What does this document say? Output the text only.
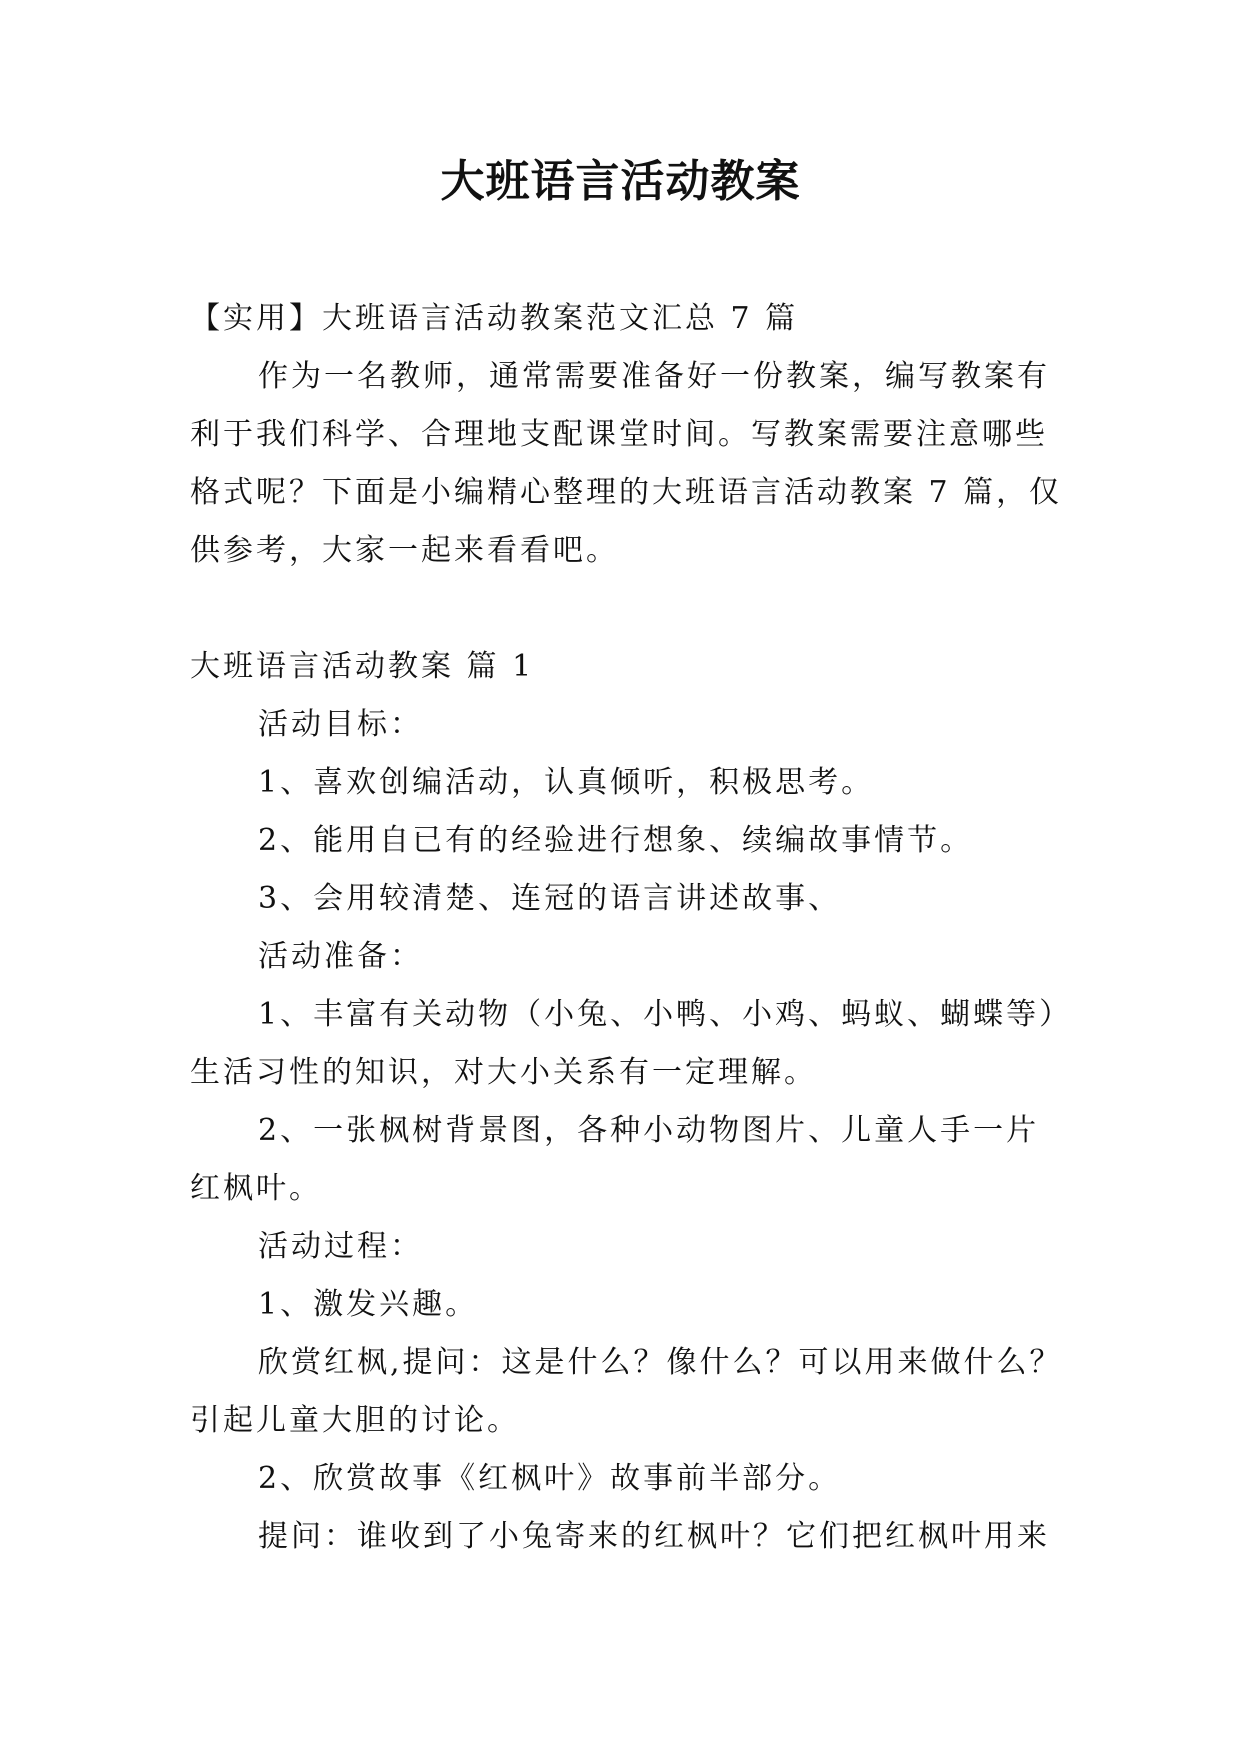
大班语言活动教案
【实用】大班语言活动教案范文汇总 7 篇
作为一名教师，通常需要准备好一份教案，编写教案有
利于我们科学、合理地支配课堂时间。写教案需要注意哪些
格式呢？下面是小编精心整理的大班语言活动教案 7 篇，仅
供参考，大家一起来看看吧。
大班语言活动教案 篇 1
活动目标：
1、喜欢创编活动，认真倾听，积极思考。
2、能用自已有的经验进行想象、续编故事情节。
3、会用较清楚、连冠的语言讲述故事、
活动准备：
1、丰富有关动物（小兔、小鸭、小鸡、蚂蚁、蝴蝶等）
生活习性的知识，对大小关系有一定理解。
2、一张枫树背景图，各种小动物图片、儿童人手一片
红枫叶。
活动过程：
1、激发兴趣。
欣赏红枫,提问：这是什么？像什么？可以用来做什么？
引起儿童大胆的讨论。
2、欣赏故事《红枫叶》故事前半部分。
提问：谁收到了小兔寄来的红枫叶？它们把红枫叶用来
